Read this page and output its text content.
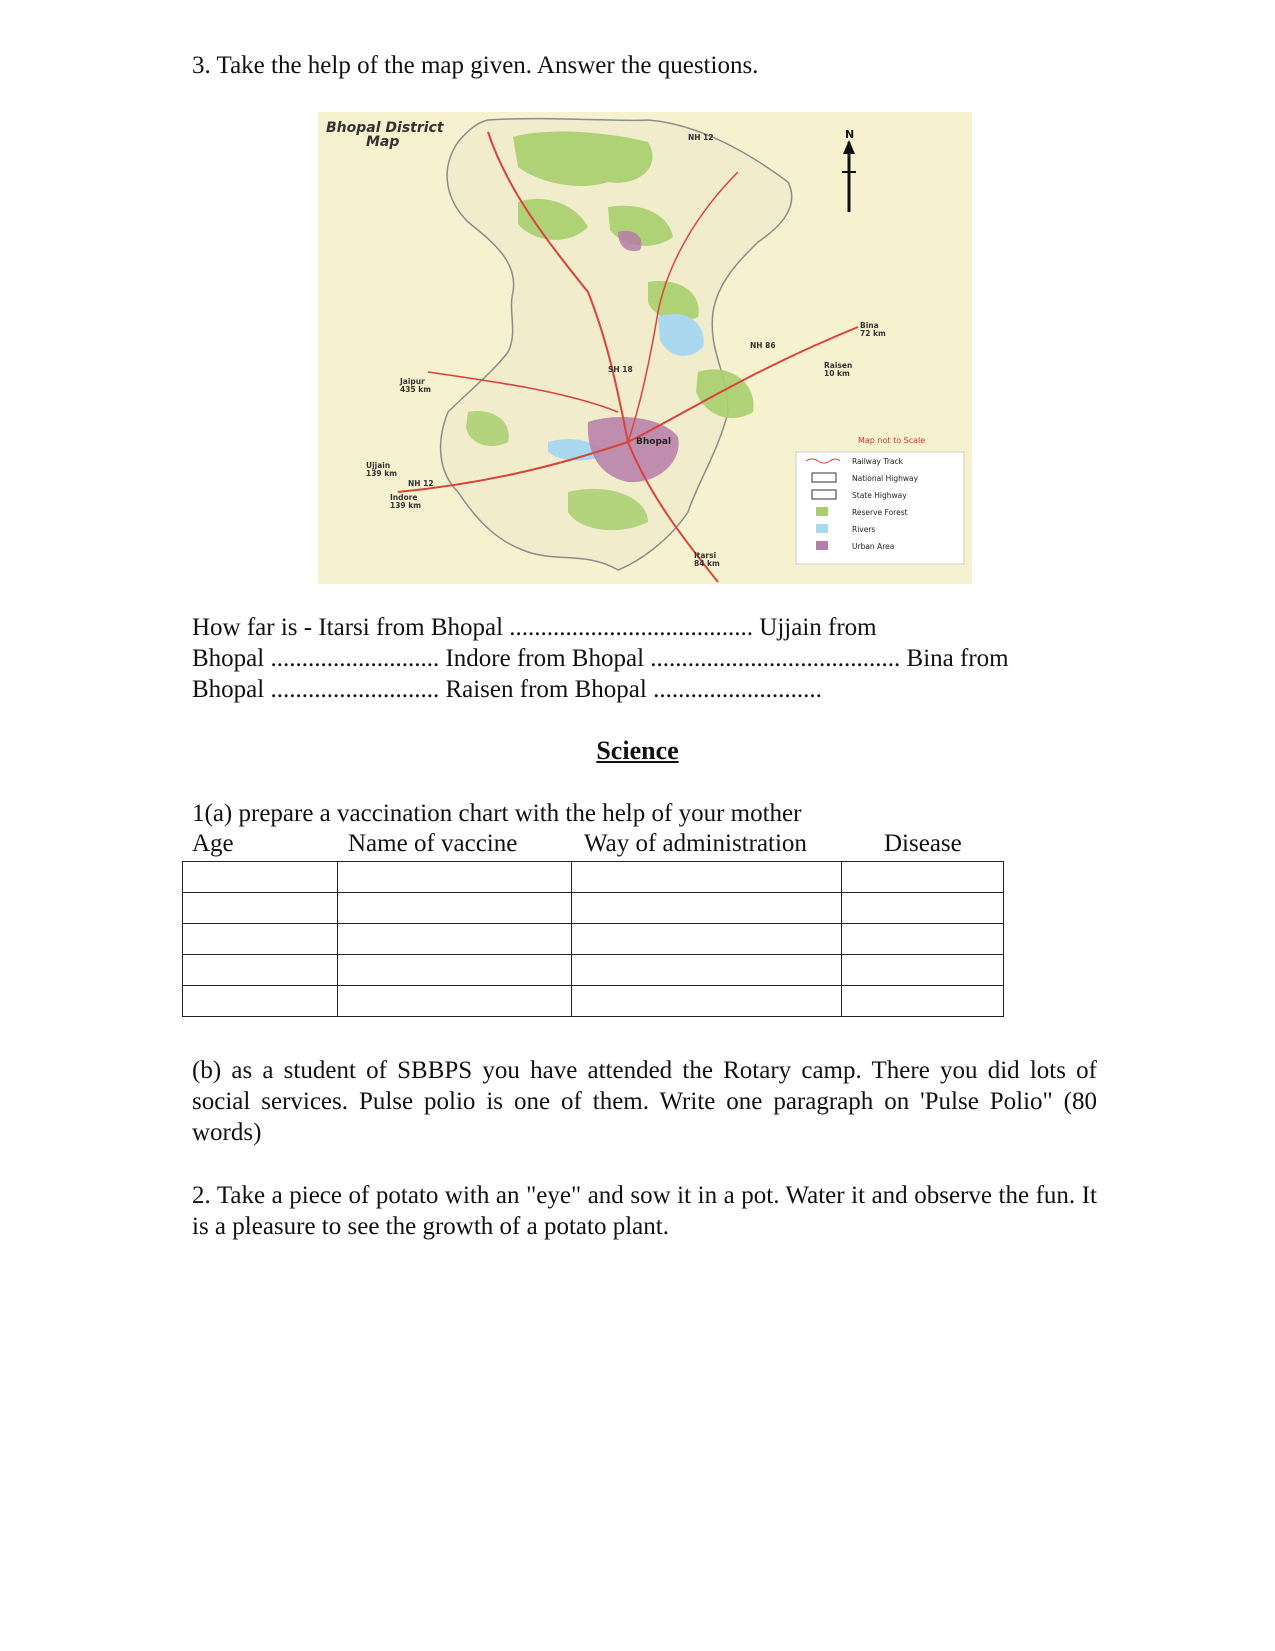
3. Take the help of the map given. Answer the questions.
Map not to Scale
Railway Track
National Highway
State Highway
Reserve Forest
Rivers
Urban Area
Bhopal District
Map	N
Bhopal
Bina 72 km
Raisen 10 km
Itarsi 84 km
Ujjain 139 km
Indore 139 km
Jaipur 435 km
NH 12
NH 86
SH 18
NH 12
How far is - Itarsi from Bhopal ....................................... Ujjain from
Bhopal ........................... Indore from Bhopal ........................................ Bina from
Bhopal ........................... Raisen from Bhopal ...........................
Science
1(a) prepare a vaccination chart with the help of your mother
Age	Name of vaccine	Way of administration	Disease

(b) as a student of SBBPS you have attended the Rotary camp. There you did lots of social services. Pulse polio is one of them. Write one paragraph on 'Pulse Polio" (80 words)
2. Take a piece of potato with an "eye" and sow it in a pot. Water it and observe the fun. It is a pleasure to see the growth of a potato plant.
